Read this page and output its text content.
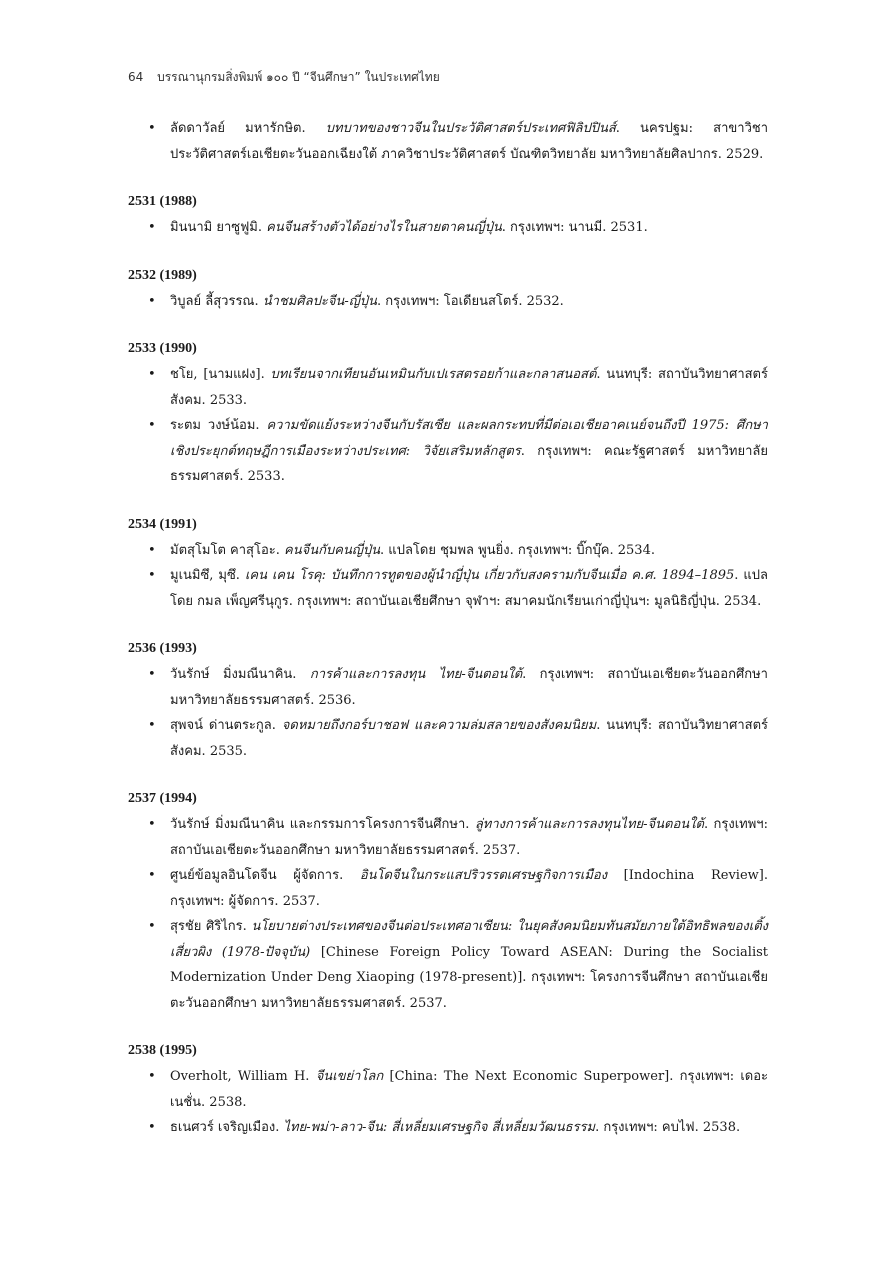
64 บรรณานุกรมสิ่งพิมพ์ ๑๐๐ ปี “จีนศึกษา” ในประเทศไทย
• ลัดดาวัลย์ มหารักษิต. บทบาทของชาวจีนในประวัติศาสตร์ประเทศฟิลิปปินส์. นครปฐม: สาขาวิชาประวัติศาสตร์เอเชียตะวันออกเฉียงใต้ ภาควิชาประวัติศาสตร์ บัณฑิตวิทยาลัย มหาวิทยาลัยศิลปากร. 2529.
2531 (1988)
• มินนามิ ยาซูฟูมิ. คนจีนสร้างตัวได้อย่างไรในสายตาคนญี่ปุ่น. กรุงเทพฯ: นานมี. 2531.
2532 (1989)
• วิบูลย์ ลี้สุวรรณ. นำชมศิลปะจีน-ญี่ปุ่น. กรุงเทพฯ: โอเดียนสโตร์. 2532.
2533 (1990)
• ชโย, [นามแฝง]. บทเรียนจากเทียนอันเหมินกับเปเรสตรอยก้าและกลาสนอสต์. นนทบุรี: สถาบันวิทยาศาสตร์สังคม. 2533.
• ระตม วงษ์น้อม. ความขัดแย้งระหว่างจีนกับรัสเซีย และผลกระทบที่มีต่อเอเชียอาคเนย์จนถึงปี 1975: ศึกษาเชิงประยุกต์ทฤษฎีการเมืองระหว่างประเทศ: วิจัยเสริมหลักสูตร. กรุงเทพฯ: คณะรัฐศาสตร์ มหาวิทยาลัยธรรมศาสตร์. 2533.
2534 (1991)
• มัตสุโมโต คาสุโอะ. คนจีนกับคนญี่ปุ่น. แปลโดย ชุมพล พูนยิ่ง. กรุงเทพฯ: บิ๊กบุ๊ค. 2534.
• มูเนมิซึ, มุซึ. เคน เคน โรคุ: บันทึกการทูตของผู้นำญี่ปุ่น เกี่ยวกับสงครามกับจีนเมื่อ ค.ศ. 1894–1895. แปลโดย กมล เพ็ญศรีนุกูร. กรุงเทพฯ: สถาบันเอเชียศึกษา จุฬาฯ: สมาคมนักเรียนเก่าญี่ปุ่นฯ: มูลนิธิญี่ปุ่น. 2534.
2536 (1993)
• วันรักษ์ มิ่งมณีนาคิน. การค้าและการลงทุน ไทย-จีนตอนใต้. กรุงเทพฯ: สถาบันเอเชียตะวันออกศึกษา มหาวิทยาลัยธรรมศาสตร์. 2536.
• สุพจน์ ด่านตระกูล. จดหมายถึงกอร์บาชอฟ และความล่มสลายของสังคมนิยม. นนทบุรี: สถาบันวิทยาศาสตร์สังคม. 2535.
2537 (1994)
• วันรักษ์ มิ่งมณีนาคิน และกรรมการโครงการจีนศึกษา. ลู่ทางการค้าและการลงทุนไทย-จีนตอนใต้. กรุงเทพฯ: สถาบันเอเชียตะวันออกศึกษา มหาวิทยาลัยธรรมศาสตร์. 2537.
• ศูนย์ข้อมูลอินโดจีน ผู้จัดการ. อินโดจีนในกระแสปริวรรตเศรษฐกิจการเมือง [Indochina Review]. กรุงเทพฯ: ผู้จัดการ. 2537.
• สุรชัย ศิริไกร. นโยบายต่างประเทศของจีนต่อประเทศอาเซียน: ในยุคสังคมนิยมทันสมัยภายใต้อิทธิพลของเติ้ง เสี่ยวผิง (1978-ปัจจุบัน) [Chinese Foreign Policy Toward ASEAN: During the Socialist Modernization Under Deng Xiaoping (1978-present)]. กรุงเทพฯ: โครงการจีนศึกษา สถาบันเอเชียตะวันออกศึกษา มหาวิทยาลัยธรรมศาสตร์. 2537.
2538 (1995)
• Overholt, William H. จีนเขย่าโลก [China: The Next Economic Superpower]. กรุงเทพฯ: เดอะเนชั่น. 2538.
• ธเนศวร์ เจริญเมือง. ไทย-พม่า-ลาว-จีน: สี่เหลี่ยมเศรษฐกิจ สี่เหลี่ยมวัฒนธรรม. กรุงเทพฯ: คบไฟ. 2538.
